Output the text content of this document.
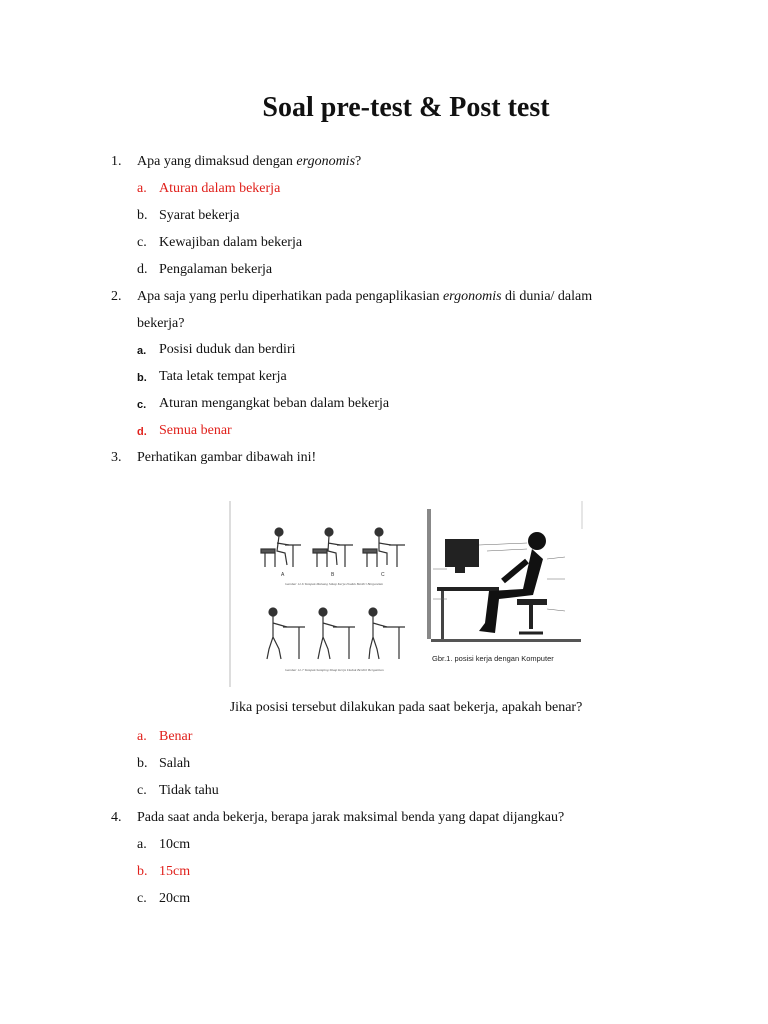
Soal pre-test & Post test
1. Apa yang dimaksud dengan ergonomis?
a. Aturan dalam bekerja
b. Syarat bekerja
c. Kewajiban dalam bekerja
d. Pengalaman bekerja
2. Apa saja yang perlu diperhatikan pada pengaplikasian ergonomis di dunia/ dalam
bekerja?
a. Posisi duduk dan berdiri
b. Tata letak tempat kerja
c. Aturan mengangkat beban dalam bekerja
d. Semua benar
3. Perhatikan gambar dibawah ini!
A	B	C
Gambar 12.6 Tampak Mahang Sikap Kerja Duduk Berdiri Bergantian
Gambar 12.7 Tampak Samping Sikap Kerja Duduk Berdiri Bergantian
Gbr.1. posisi kerja dengan Komputer
Jika posisi tersebut dilakukan pada saat bekerja, apakah benar?
a. Benar
b. Salah
c. Tidak tahu
4. Pada saat anda bekerja, berapa jarak maksimal benda yang dapat dijangkau?
a. 10cm
b. 15cm
c. 20cm
